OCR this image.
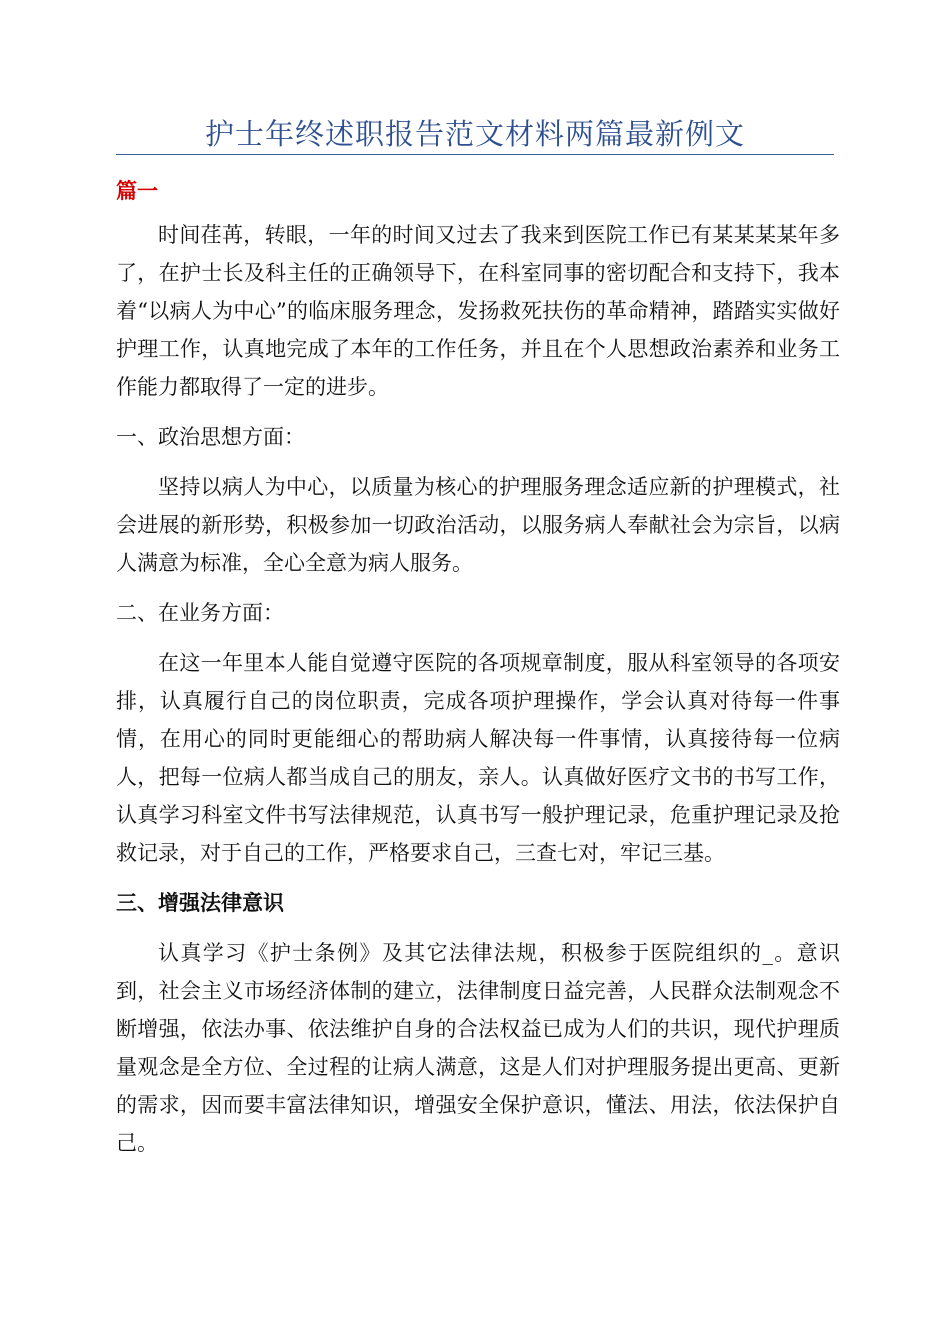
护士年终述职报告范文材料两篇最新例文
篇一

时间荏苒，转眼，一年的时间又过去了我来到医院工作已有某某某某年多了，在护士长及科主任的正确领导下，在科室同事的密切配合和支持下，我本着“以病人为中心”的临床服务理念，发扬救死扶伤的革命精神，踏踏实实做好护理工作，认真地完成了本年的工作任务，并且在个人思想政治素养和业务工作能力都取得了一定的进步。

一、政治思想方面：

坚持以病人为中心，以质量为核心的护理服务理念适应新的护理模式，社会进展的新形势，积极参加一切政治活动，以服务病人奉献社会为宗旨，以病人满意为标准，全心全意为病人服务。

二、在业务方面：

在这一年里本人能自觉遵守医院的各项规章制度，服从科室领导的各项安排，认真履行自己的岗位职责，完成各项护理操作，学会认真对待每一件事情，在用心的同时更能细心的帮助病人解决每一件事情，认真接待每一位病人，把每一位病人都当成自己的朋友，亲人。认真做好医疗文书的书写工作，认真学习科室文件书写法律规范，认真书写一般护理记录，危重护理记录及抢救记录，对于自己的工作，严格要求自己，三查七对，牢记三基。

三、增强法律意识

认真学习《护士条例》及其它法律法规，积极参于医院组织的_。意识到，社会主义市场经济体制的建立，法律制度日益完善，人民群众法制观念不断增强，依法办事、依法维护自身的合法权益已成为人们的共识，现代护理质量观念是全方位、全过程的让病人满意，这是人们对护理服务提出更高、更新的需求，因而要丰富法律知识，增强安全保护意识，懂法、用法，依法保护自己。
